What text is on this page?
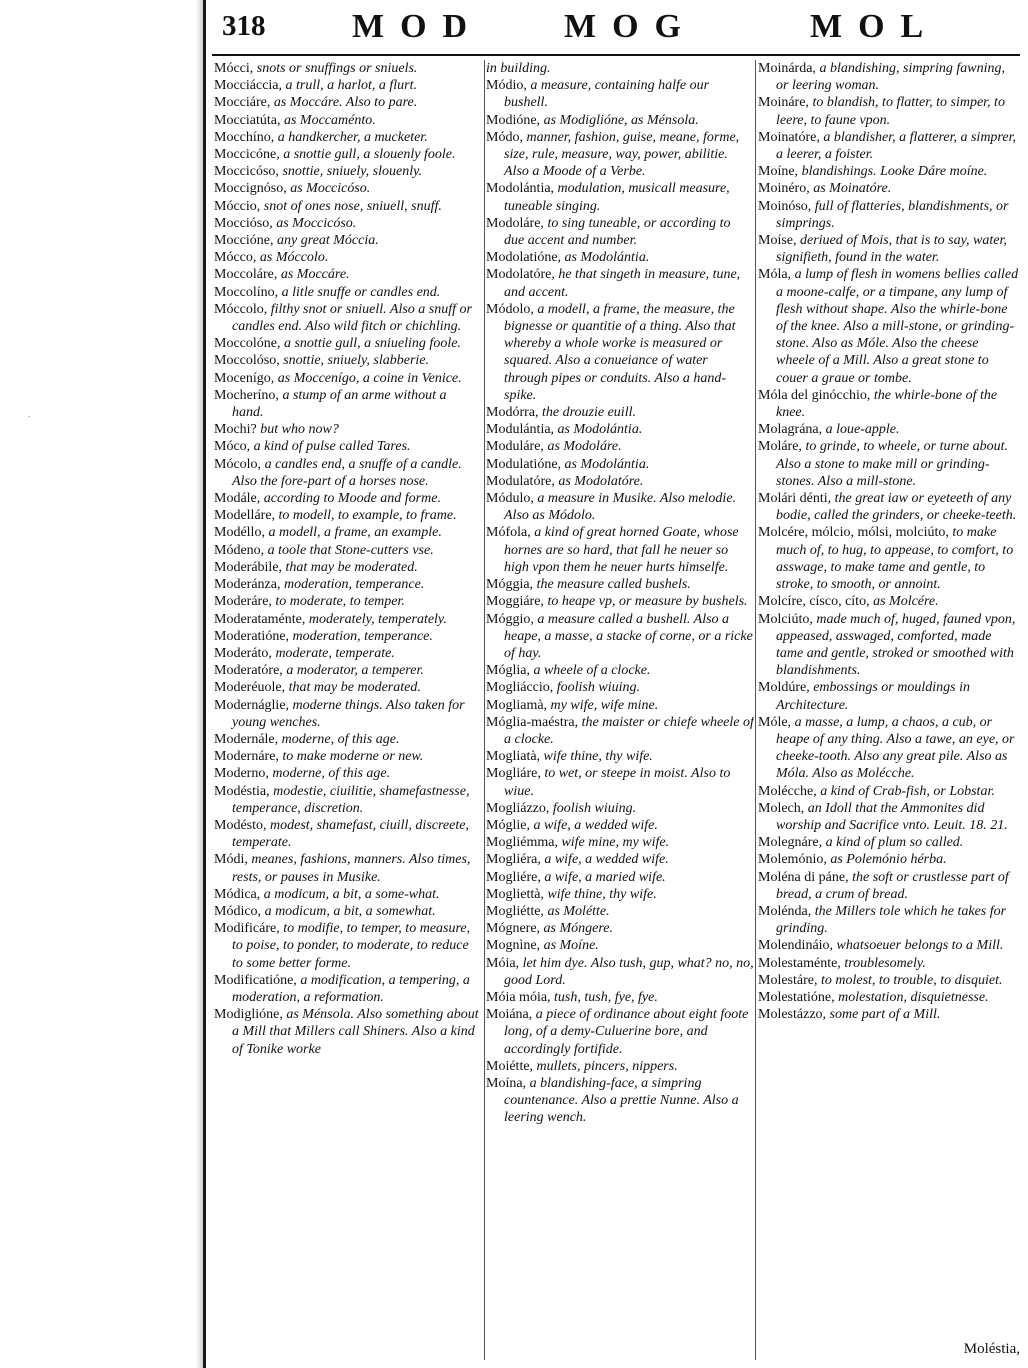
-
318	MOD MOG	MOL

Mócci, snots or snuffings or sniuels.

Mocciáccia, a trull, a harlot, a flurt.

Mocciáre, as Moccáre. Also to pare.

Mocciatúta, as Moccaménto.

Mocchíno, a handkercher, a mucketer.

Moccicóne, a snottie gull, a slouenly foole.

Moccicóso, snottie, sniuely, slouenly.

Moccignóso, as Moccicóso.

Móccio, snot of ones nose, sniuell, snuff.

Moccióso, as Moccicóso.

Moccióne, any great Móccia.

Mócco, as Móccolo.

Moccoláre, as Moccáre.

Moccolíno, a litle snuffe or candles end.

Móccolo, filthy snot or sniuell. Also a snuff or candles end. Also wild fitch or chichling.

Moccolóne, a snottie gull, a sniueling foole.

Moccolóso, snottie, sniuely, slabberie.

Mocenígo, as Moccenígo, a coine in Venice.

Mocheríno, a stump of an arme without a hand.

Mochi? but who now?

Móco, a kind of pulse called Tares.

Mócolo, a candles end, a snuffe of a candle. Also the fore-part of a horses nose.

Modále, according to Moode and forme.

Modelláre, to modell, to example, to frame.

Modéllo, a modell, a frame, an example.

Módeno, a toole that Stone-cutters vse.

Moderábile, that may be moderated.

Moderánza, moderation, temperance.

Moderáre, to moderate, to temper.

Moderataménte, moderately, temperately.

Moderatióne, moderation, temperance.

Moderáto, moderate, temperate.

Moderatóre, a moderator, a temperer.

Moderéuole, that may be moderated.

Modernáglie, moderne things. Also taken for young wenches.

Modernále, moderne, of this age.

Modernáre, to make moderne or new.

Moderno, moderne, of this age.

Modéstia, modestie, ciuilitie, shamefastnesse, temperance, discretion.

Modésto, modest, shamefast, ciuill, discreete, temperate.

Módi, meanes, fashions, manners. Also times, rests, or pauses in Musike.

Módica, a modicum, a bit, a some-what.

Módico, a modicum, a bit, a somewhat.

Modificáre, to modifie, to temper, to measure, to poise, to ponder, to moderate, to reduce to some better forme.

Modificatióne, a modification, a tempering, a moderation, a reformation.

Modiglióne, as Ménsola. Also something about a Mill that Millers call Shiners. Also a kind of Tonike worke

in building.

Módio, a measure, containing halfe our bushell.

Modióne, as Modiglióne, as Ménsola.

Módo, manner, fashion, guise, meane, forme, size, rule, measure, way, power, abilitie. Also a Moode of a Verbe.

Modolántia, modulation, musicall measure, tuneable singing.

Modoláre, to sing tuneable, or according to due accent and number.

Modolatióne, as Modolántia.

Modolatóre, he that singeth in measure, tune, and accent.

Módolo, a modell, a frame, the measure, the bignesse or quantitie of a thing. Also that whereby a whole worke is measured or squared. Also a conueiance of water through pipes or conduits. Also a hand-spike.

Modórra, the drouzie euill.

Modulántia, as Modolántia.

Moduláre, as Modoláre.

Modulatióne, as Modolántia.

Modulatóre, as Modolatóre.

Módulo, a measure in Musike. Also melodie. Also as Módolo.

Mófola, a kind of great horned Goate, whose hornes are so hard, that fall he neuer so high vpon them he neuer hurts himselfe.

Móggia, the measure called bushels.

Moggiáre, to heape vp, or measure by bushels.

Móggio, a measure called a bushell. Also a heape, a masse, a stacke of corne, or a ricke of hay.

Móglia, a wheele of a clocke.

Mogliáccio, foolish wiuing.

Mogliamà, my wife, wife mine.

Móglia-maéstra, the maister or chiefe wheele of a clocke.

Mogliatà, wife thine, thy wife.

Mogliáre, to wet, or steepe in moist. Also to wiue.

Mogliázzo, foolish wiuing.

Móglie, a wife, a wedded wife.

Mogliémma, wife mine, my wife.

Mogliéra, a wife, a wedded wife.

Mogliére, a wife, a maried wife.

Mogliettà, wife thine, thy wife.

Mogliétte, as Molétte.

Mógnere, as Móngere.

Mognìne, as Moíne.

Móia, let him dye. Also tush, gup, what? no, no, good Lord.

Móia móia, tush, tush, fye, fye.

Moiána, a piece of ordinance about eight foote long, of a demy-Culuerine bore, and accordingly fortifide.

Moiétte, mullets, pincers, nippers.

Moína, a blandishing-face, a simpring countenance. Also a prettie Nunne. Also a leering wench.

Moinárda, a blandishing, simpring fawning, or leering woman.

Moináre, to blandish, to flatter, to simper, to leere, to faune vpon.

Moinatóre, a blandisher, a flatterer, a simprer, a leerer, a foister.

Moíne, blandishings. Looke Dáre moíne.

Moinéro, as Moinatóre.

Moinóso, full of flatteries, blandishments, or simprings.

Moíse, deriued of Mois, that is to say, water, signifieth, found in the water.

Móla, a lump of flesh in womens bellies called a moone-calfe, or a timpane, any lump of flesh without shape. Also the whirle-bone of the knee. Also a mill-stone, or grinding-stone. Also as Móle. Also the cheese wheele of a Mill. Also a great stone to couer a graue or tombe.

Móla del ginócchio, the whirle-bone of the knee.

Molagrána, a loue-apple.

Moláre, to grinde, to wheele, or turne about. Also a stone to make mill or grinding-stones. Also a mill-stone.

Molári dénti, the great iaw or eyeteeth of any bodie, called the grinders, or cheeke-teeth.

Molcére, mólcio, mólsi, molciúto, to make much of, to hug, to appease, to comfort, to asswage, to make tame and gentle, to stroke, to smooth, or annoint.

Molcíre, císco, cíto, as Molcére.

Molciúto, made much of, huged, fauned vpon, appeased, asswaged, comforted, made tame and gentle, stroked or smoothed with blandishments.

Moldúre, embossings or mouldings in Architecture.

Móle, a masse, a lump, a chaos, a cub, or heape of any thing. Also a tawe, an eye, or cheeke-tooth. Also any great pile. Also as Móla. Also as Molécche.

Molécche, a kind of Crab-fish, or Lobstar.

Molech, an Idoll that the Ammonites did worship and Sacrifice vnto. Leuit. 18. 21.

Molegnáre, a kind of plum so called.

Molemónio, as Polemónio hérba.

Moléna di páne, the soft or crustlesse part of bread, a crum of bread.

Moléndа, the Millers tole which he takes for grinding.

Molendináio, whatsoeuer belongs to a Mill.

Molestaménte, troublesomely.

Molestáre, to molest, to trouble, to disquiet.

Molestatióne, molestation, disquietnesse.

Molestázzo, some part of a Mill.

Moléstia,
